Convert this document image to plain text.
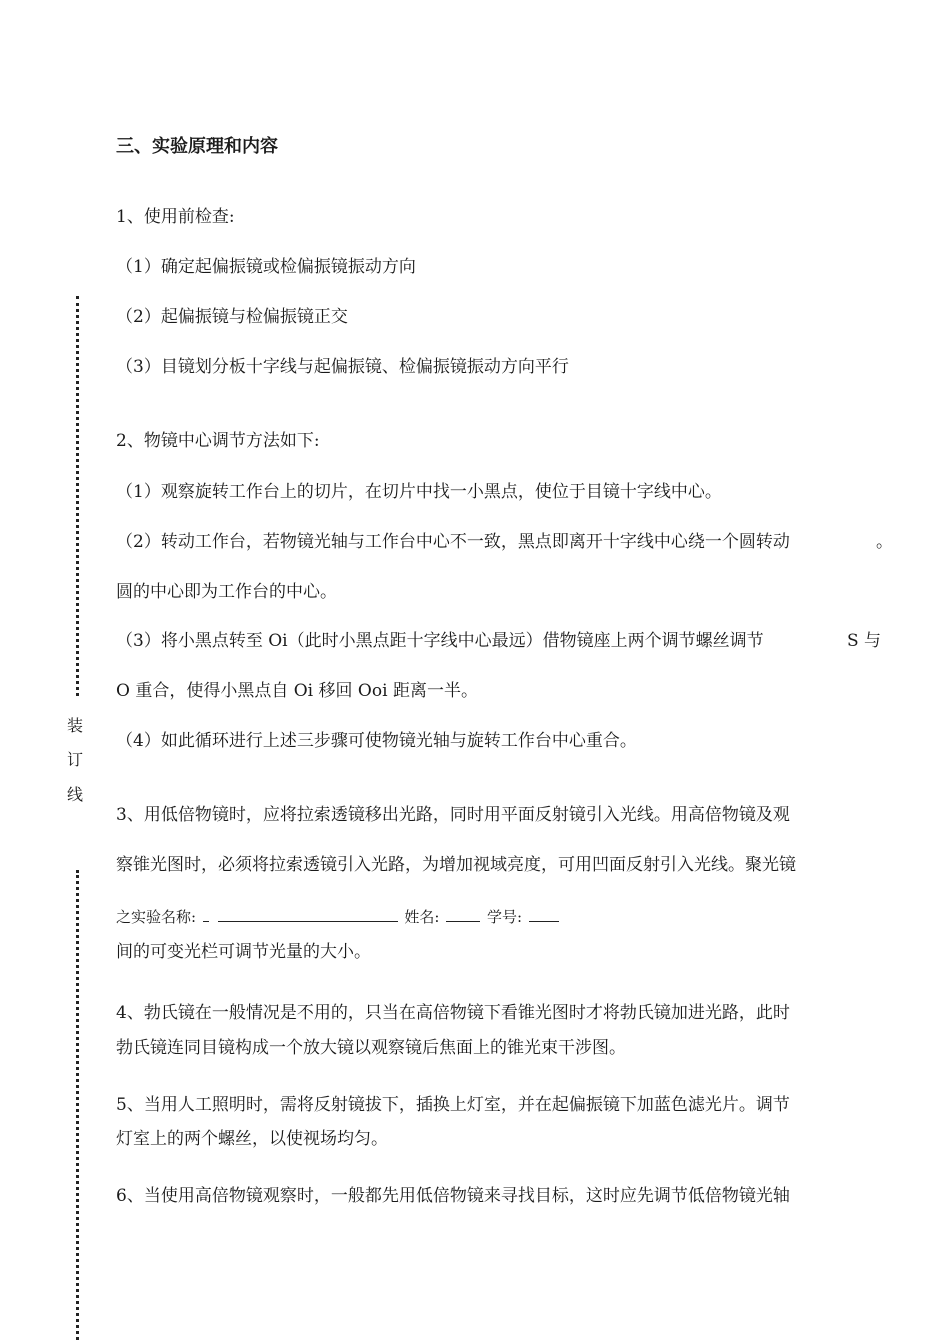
装
订
线
三、实验原理和内容
1、使用前检查:
（1）确定起偏振镜或检偏振镜振动方向
（2）起偏振镜与检偏振镜正交
（3）目镜划分板十字线与起偏振镜、检偏振镜振动方向平行
2、物镜中心调节方法如下:
（1）观察旋转工作台上的切片，在切片中找一小黑点，使位于目镜十字线中心。
（2）转动工作台，若物镜光轴与工作台中心不一致，黑点即离开十字线中心绕一个圆转动	。
圆的中心即为工作台的中心。
（3）将小黑点转至 Oi（此时小黑点距十字线中心最远）借物镜座上两个调节螺丝调节	S 与
O 重合，使得小黑点自 Oi 移回 Ooi 距离一半。
（4）如此循环进行上述三步骤可使物镜光轴与旋转工作台中心重合。
3、用低倍物镜时，应将拉索透镜移出光路，同时用平面反射镜引入光线。用高倍物镜及观
察锥光图时，必须将拉索透镜引入光路，为增加视域亮度，可用凹面反射引入光线。聚光镜
之实验名称:	姓名:	学号:
间的可变光栏可调节光量的大小。
4、勃氏镜在一般情况是不用的，只当在高倍物镜下看锥光图时才将勃氏镜加进光路，此时
勃氏镜连同目镜构成一个放大镜以观察镜后焦面上的锥光束干涉图。
5、当用人工照明时，需将反射镜拔下，插换上灯室，并在起偏振镜下加蓝色滤光片。调节
灯室上的两个螺丝，以使视场均匀。
6、当使用高倍物镜观察时，一般都先用低倍物镜来寻找目标，这时应先调节低倍物镜光轴
